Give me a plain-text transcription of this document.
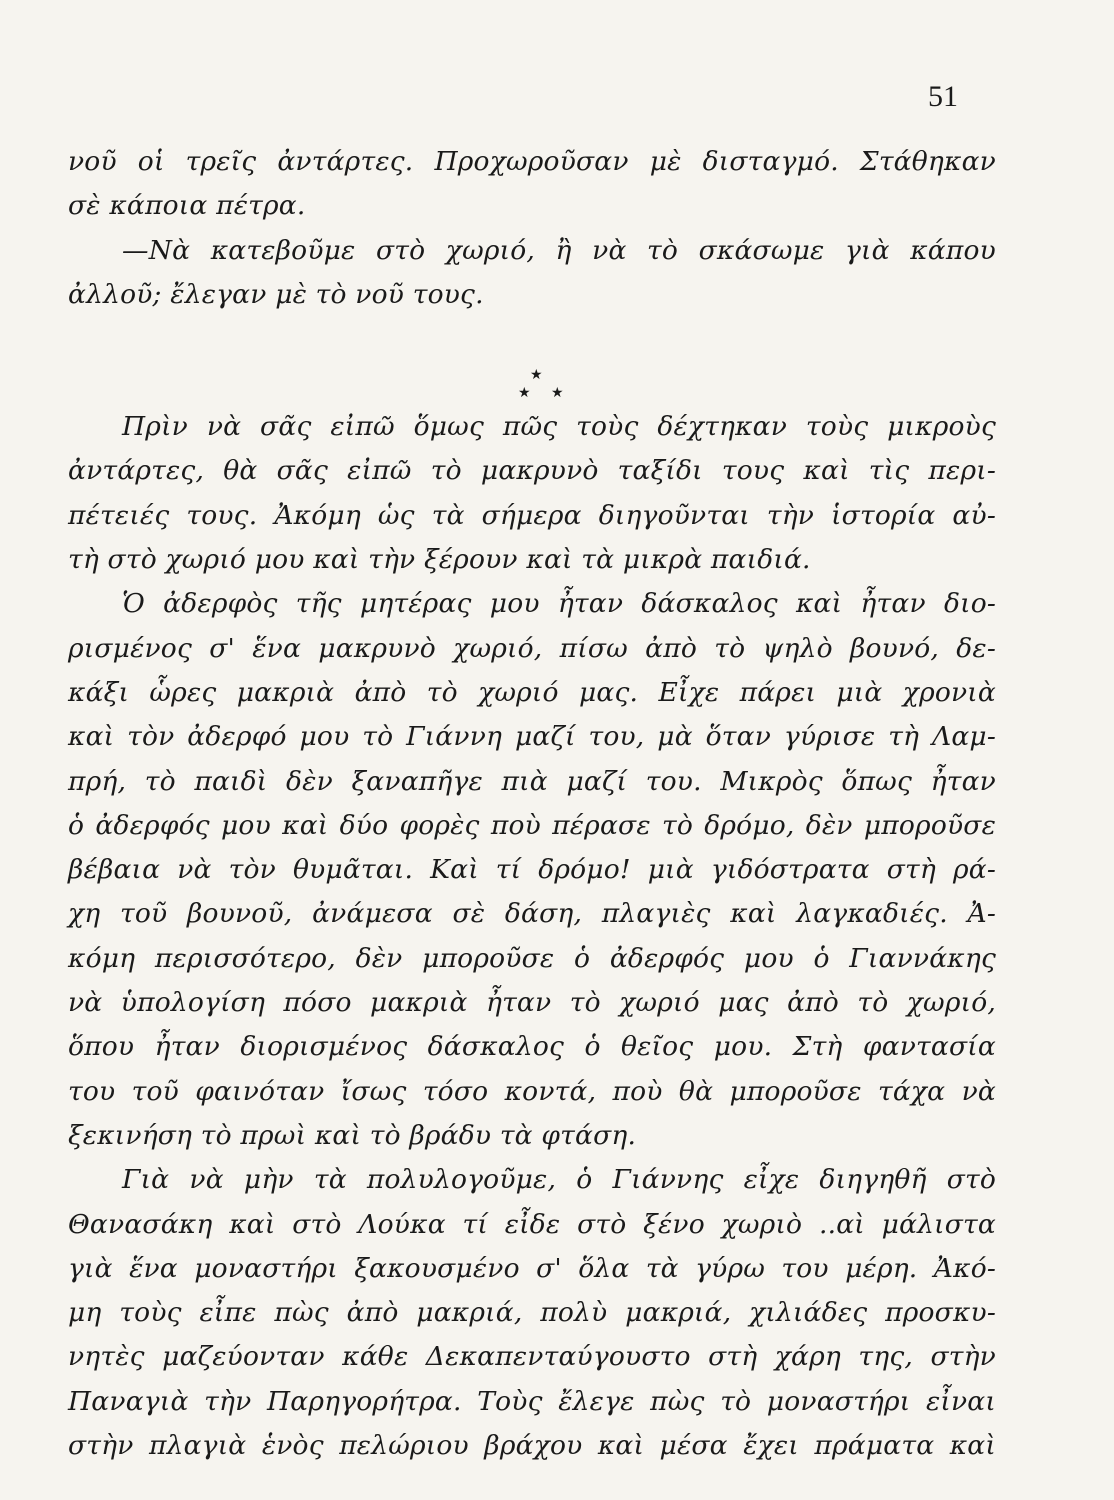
51
νοῦ οἱ τρεῖς ἀντάρτες. Προχωροῦσαν μὲ δισταγμό. Στάθηκαν
σὲ κάποια πέτρα.
—Νὰ κατεβοῦμε στὸ χωριό, ἢ νὰ τὸ σκάσωμε γιὰ κάπου
ἀλλοῦ; ἔλεγαν μὲ τὸ νοῦ τους.
★
★ ★
Πρὶν νὰ σᾶς εἰπῶ ὅμως πῶς τοὺς δέχτηκαν τοὺς μικροὺς
ἀντάρτες, θὰ σᾶς εἰπῶ τὸ μακρυνὸ ταξίδι τους καὶ τὶς περι-
πέτειές τους. Ἀκόμη ὡς τὰ σήμερα διηγοῦνται τὴν ἱστορία αὐ-
τὴ στὸ χωριό μου καὶ τὴν ξέρουν καὶ τὰ μικρὰ παιδιά.
Ὁ ἀδερφὸς τῆς μητέρας μου ἦταν δάσκαλος καὶ ἦταν διο-
ρισμένος σ' ἕνα μακρυνὸ χωριό, πίσω ἀπὸ τὸ ψηλὸ βουνό, δε-
κάξι ὧρες μακριὰ ἀπὸ τὸ χωριό μας. Εἶχε πάρει μιὰ χρονιὰ
καὶ τὸν ἀδερφό μου τὸ Γιάννη μαζί του, μὰ ὅταν γύρισε τὴ Λαμ-
πρή, τὸ παιδὶ δὲν ξαναπῆγε πιὰ μαζί του. Μικρὸς ὅπως ἦταν
ὁ ἀδερφός μου καὶ δύο φορὲς ποὺ πέρασε τὸ δρόμο, δὲν μποροῦσε
βέβαια νὰ τὸν θυμᾶται. Καὶ τί δρόμο! μιὰ γιδόστρατα στὴ ρά-
χη τοῦ βουνοῦ, ἀνάμεσα σὲ δάση, πλαγιὲς καὶ λαγκαδιές. Ἀ-
κόμη περισσότερο, δὲν μποροῦσε ὁ ἀδερφός μου ὁ Γιαννάκης
νὰ ὑπολογίση πόσο μακριὰ ἦταν τὸ χωριό μας ἀπὸ τὸ χωριό,
ὅπου ἦταν διορισμένος δάσκαλος ὁ θεῖος μου. Στὴ φαντασία
του τοῦ φαινόταν ἴσως τόσο κοντά, ποὺ θὰ μποροῦσε τάχα νὰ
ξεκινήση τὸ πρωὶ καὶ τὸ βράδυ τὰ φτάση.
Γιὰ νὰ μὴν τὰ πολυλογοῦμε, ὁ Γιάννης εἶχε διηγηθῆ στὸ
Θανασάκη καὶ στὸ Λούκα τί εἶδε στὸ ξένο χωριὸ ..αὶ μάλιστα
γιὰ ἕνα μοναστήρι ξακουσμένο σ' ὅλα τὰ γύρω του μέρη. Ἀκό-
μη τοὺς εἶπε πὼς ἀπὸ μακριά, πολὺ μακριά, χιλιάδες προσκυ-
νητὲς μαζεύονταν κάθε Δεκαπενταύγουστο στὴ χάρη της, στὴν
Παναγιὰ τὴν Παρηγορήτρα. Τοὺς ἔλεγε πὼς τὸ μοναστήρι εἶναι
στὴν πλαγιὰ ἑνὸς πελώριου βράχου καὶ μέσα ἔχει πράματα καὶ
